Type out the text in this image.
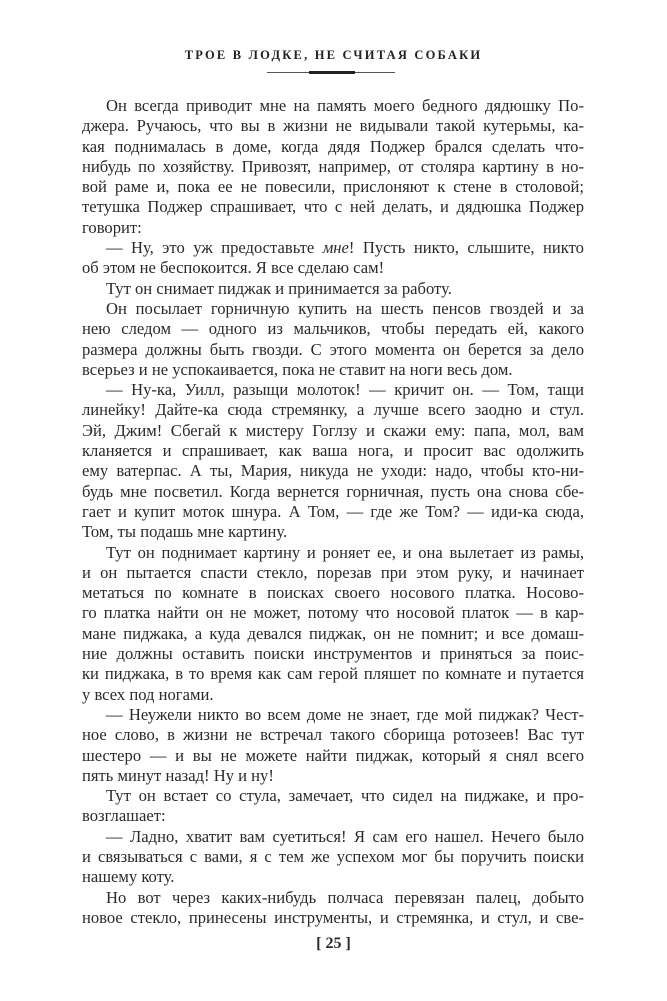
ТРОЕ В ЛОДКЕ, НЕ СЧИТАЯ СОБАКИ
Он всегда приводит мне на память моего бедного дядюшку По-
джера. Ручаюсь, что вы в жизни не видывали такой кутерьмы, ка-
кая поднималась в доме, когда дядя Поджер брался сделать что-
нибудь по хозяйству. Привозят, например, от столяра картину в но-
вой раме и, пока ее не повесили, прислоняют к стене в столовой;
тетушка Поджер спрашивает, что с ней делать, и дядюшка Поджер
говорит:
— Ну, это уж предоставьте мне! Пусть никто, слышите, никто
об этом не беспокоится. Я все сделаю сам!
Тут он снимает пиджак и принимается за работу.
Он посылает горничную купить на шесть пенсов гвоздей и за
нею следом — одного из мальчиков, чтобы передать ей, какого
размера должны быть гвозди. С этого момента он берется за дело
всерьез и не успокаивается, пока не ставит на ноги весь дом.
— Ну-ка, Уилл, разыщи молоток! — кричит он. — Том, тащи
линейку! Дайте-ка сюда стремянку, а лучше всего заодно и стул.
Эй, Джим! Сбегай к мистеру Гоглзу и скажи ему: папа, мол, вам
кланяется и спрашивает, как ваша нога, и просит вас одолжить
ему ватерпас. А ты, Мария, никуда не уходи: надо, чтобы кто-ни-
будь мне посветил. Когда вернется горничная, пусть она снова сбе-
гает и купит моток шнура. А Том, — где же Том? — иди-ка сюда,
Том, ты подашь мне картину.
Тут он поднимает картину и роняет ее, и она вылетает из рамы,
и он пытается спасти стекло, порезав при этом руку, и начинает
метаться по комнате в поисках своего носового платка. Носово-
го платка найти он не может, потому что носовой платок — в кар-
мане пиджака, а куда девался пиджак, он не помнит; и все домаш-
ние должны оставить поиски инструментов и приняться за поис-
ки пиджака, в то время как сам герой пляшет по комнате и путается
у всех под ногами.
— Неужели никто во всем доме не знает, где мой пиджак? Чест-
ное слово, в жизни не встречал такого сборища ротозеев! Вас тут
шестеро — и вы не можете найти пиджак, который я снял всего
пять минут назад! Ну и ну!
Тут он встает со стула, замечает, что сидел на пиджаке, и про-
возглашает:
— Ладно, хватит вам суетиться! Я сам его нашел. Нечего было
и связываться с вами, я с тем же успехом мог бы поручить поиски
нашему коту.
Но вот через каких-нибудь полчаса перевязан палец, добыто
новое стекло, принесены инструменты, и стремянка, и стул, и све-
[ 25 ]
